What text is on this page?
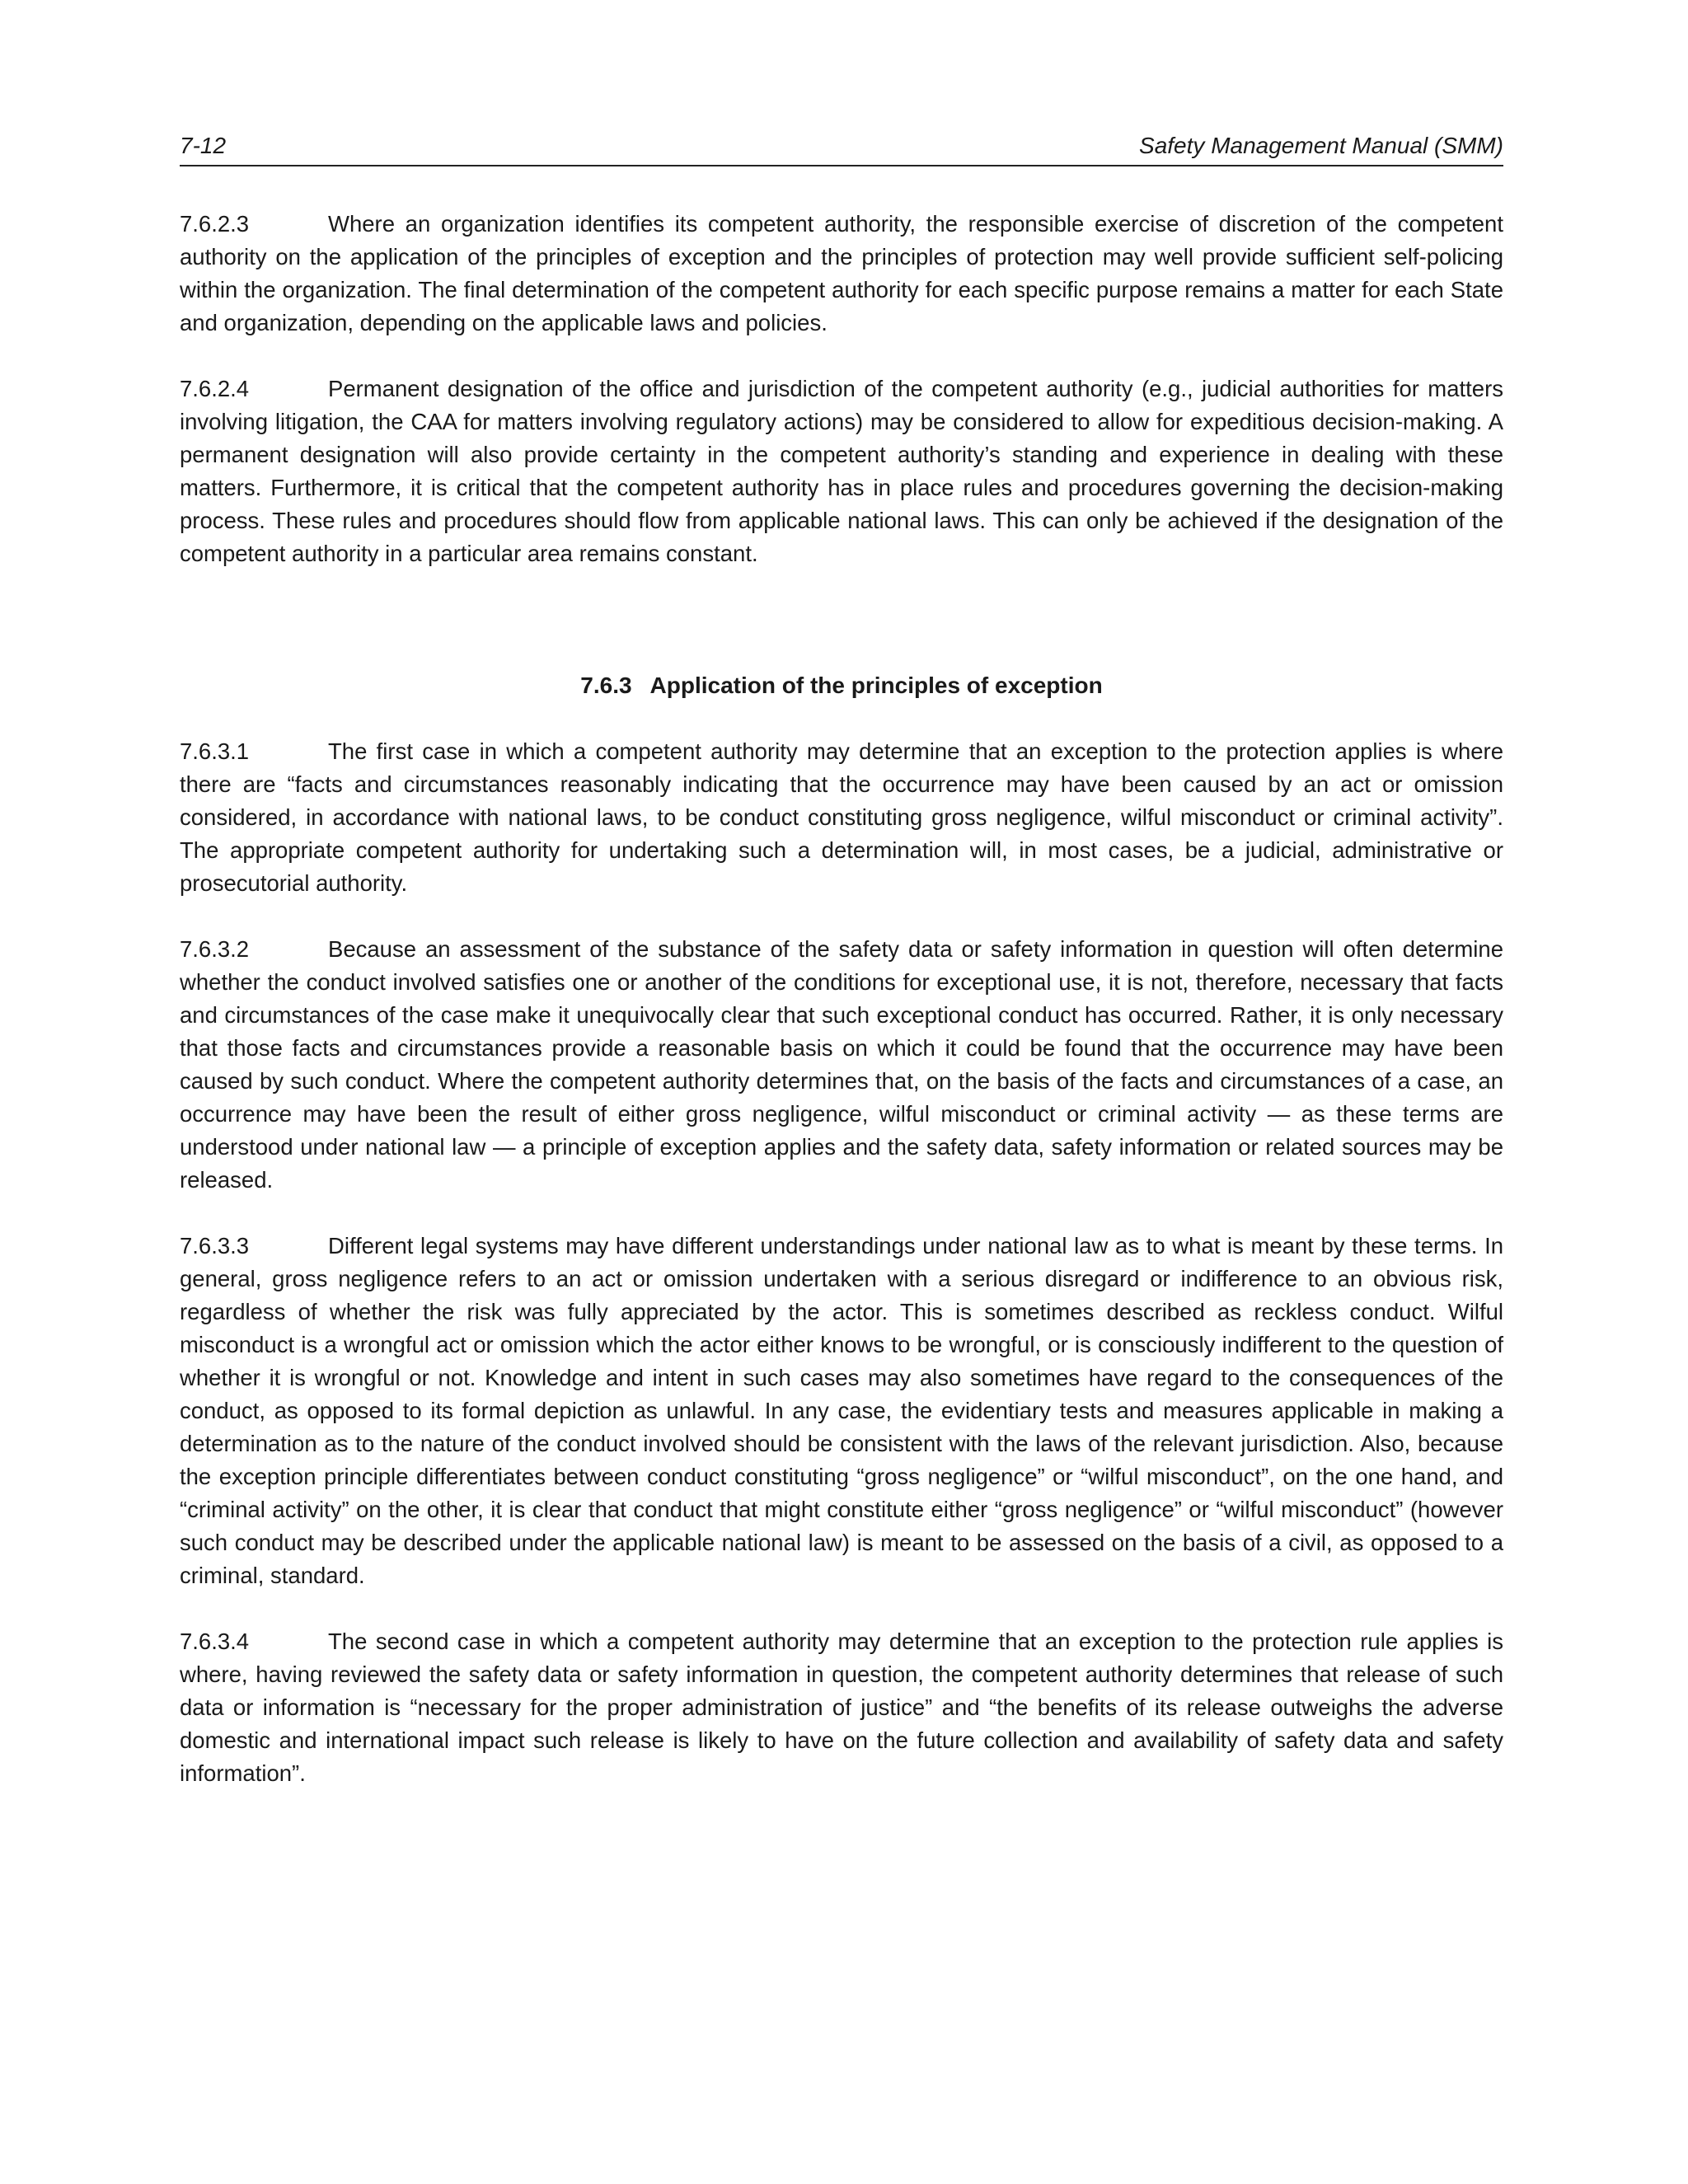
7-12	Safety Management Manual (SMM)

7.6.2.3	Where an organization identifies its competent authority, the responsible exercise of discretion of the competent authority on the application of the principles of exception and the principles of protection may well provide sufficient self-policing within the organization. The final determination of the competent authority for each specific purpose remains a matter for each State and organization, depending on the applicable laws and policies.

7.6.2.4	Permanent designation of the office and jurisdiction of the competent authority (e.g., judicial authorities for matters involving litigation, the CAA for matters involving regulatory actions) may be considered to allow for expeditious decision-making. A permanent designation will also provide certainty in the competent authority’s standing and experience in dealing with these matters. Furthermore, it is critical that the competent authority has in place rules and procedures governing the decision-making process. These rules and procedures should flow from applicable national laws. This can only be achieved if the designation of the competent authority in a particular area remains constant.

7.6.3 Application of the principles of exception

7.6.3.1	The first case in which a competent authority may determine that an exception to the protection applies is where there are “facts and circumstances reasonably indicating that the occurrence may have been caused by an act or omission considered, in accordance with national laws, to be conduct constituting gross negligence, wilful misconduct or criminal activity”. The appropriate competent authority for undertaking such a determination will, in most cases, be a judicial, administrative or prosecutorial authority.

7.6.3.2	Because an assessment of the substance of the safety data or safety information in question will often determine whether the conduct involved satisfies one or another of the conditions for exceptional use, it is not, therefore, necessary that facts and circumstances of the case make it unequivocally clear that such exceptional conduct has occurred. Rather, it is only necessary that those facts and circumstances provide a reasonable basis on which it could be found that the occurrence may have been caused by such conduct. Where the competent authority determines that, on the basis of the facts and circumstances of a case, an occurrence may have been the result of either gross negligence, wilful misconduct or criminal activity — as these terms are understood under national law — a principle of exception applies and the safety data, safety information or related sources may be released.

7.6.3.3	Different legal systems may have different understandings under national law as to what is meant by these terms. In general, gross negligence refers to an act or omission undertaken with a serious disregard or indifference to an obvious risk, regardless of whether the risk was fully appreciated by the actor. This is sometimes described as reckless conduct. Wilful misconduct is a wrongful act or omission which the actor either knows to be wrongful, or is consciously indifferent to the question of whether it is wrongful or not. Knowledge and intent in such cases may also sometimes have regard to the consequences of the conduct, as opposed to its formal depiction as unlawful. In any case, the evidentiary tests and measures applicable in making a determination as to the nature of the conduct involved should be consistent with the laws of the relevant jurisdiction. Also, because the exception principle differentiates between conduct constituting “gross negligence” or “wilful misconduct”, on the one hand, and “criminal activity” on the other, it is clear that conduct that might constitute either “gross negligence” or “wilful misconduct” (however such conduct may be described under the applicable national law) is meant to be assessed on the basis of a civil, as opposed to a criminal, standard.

7.6.3.4	The second case in which a competent authority may determine that an exception to the protection rule applies is where, having reviewed the safety data or safety information in question, the competent authority determines that release of such data or information is “necessary for the proper administration of justice” and “the benefits of its release outweighs the adverse domestic and international impact such release is likely to have on the future collection and availability of safety data and safety information”.
